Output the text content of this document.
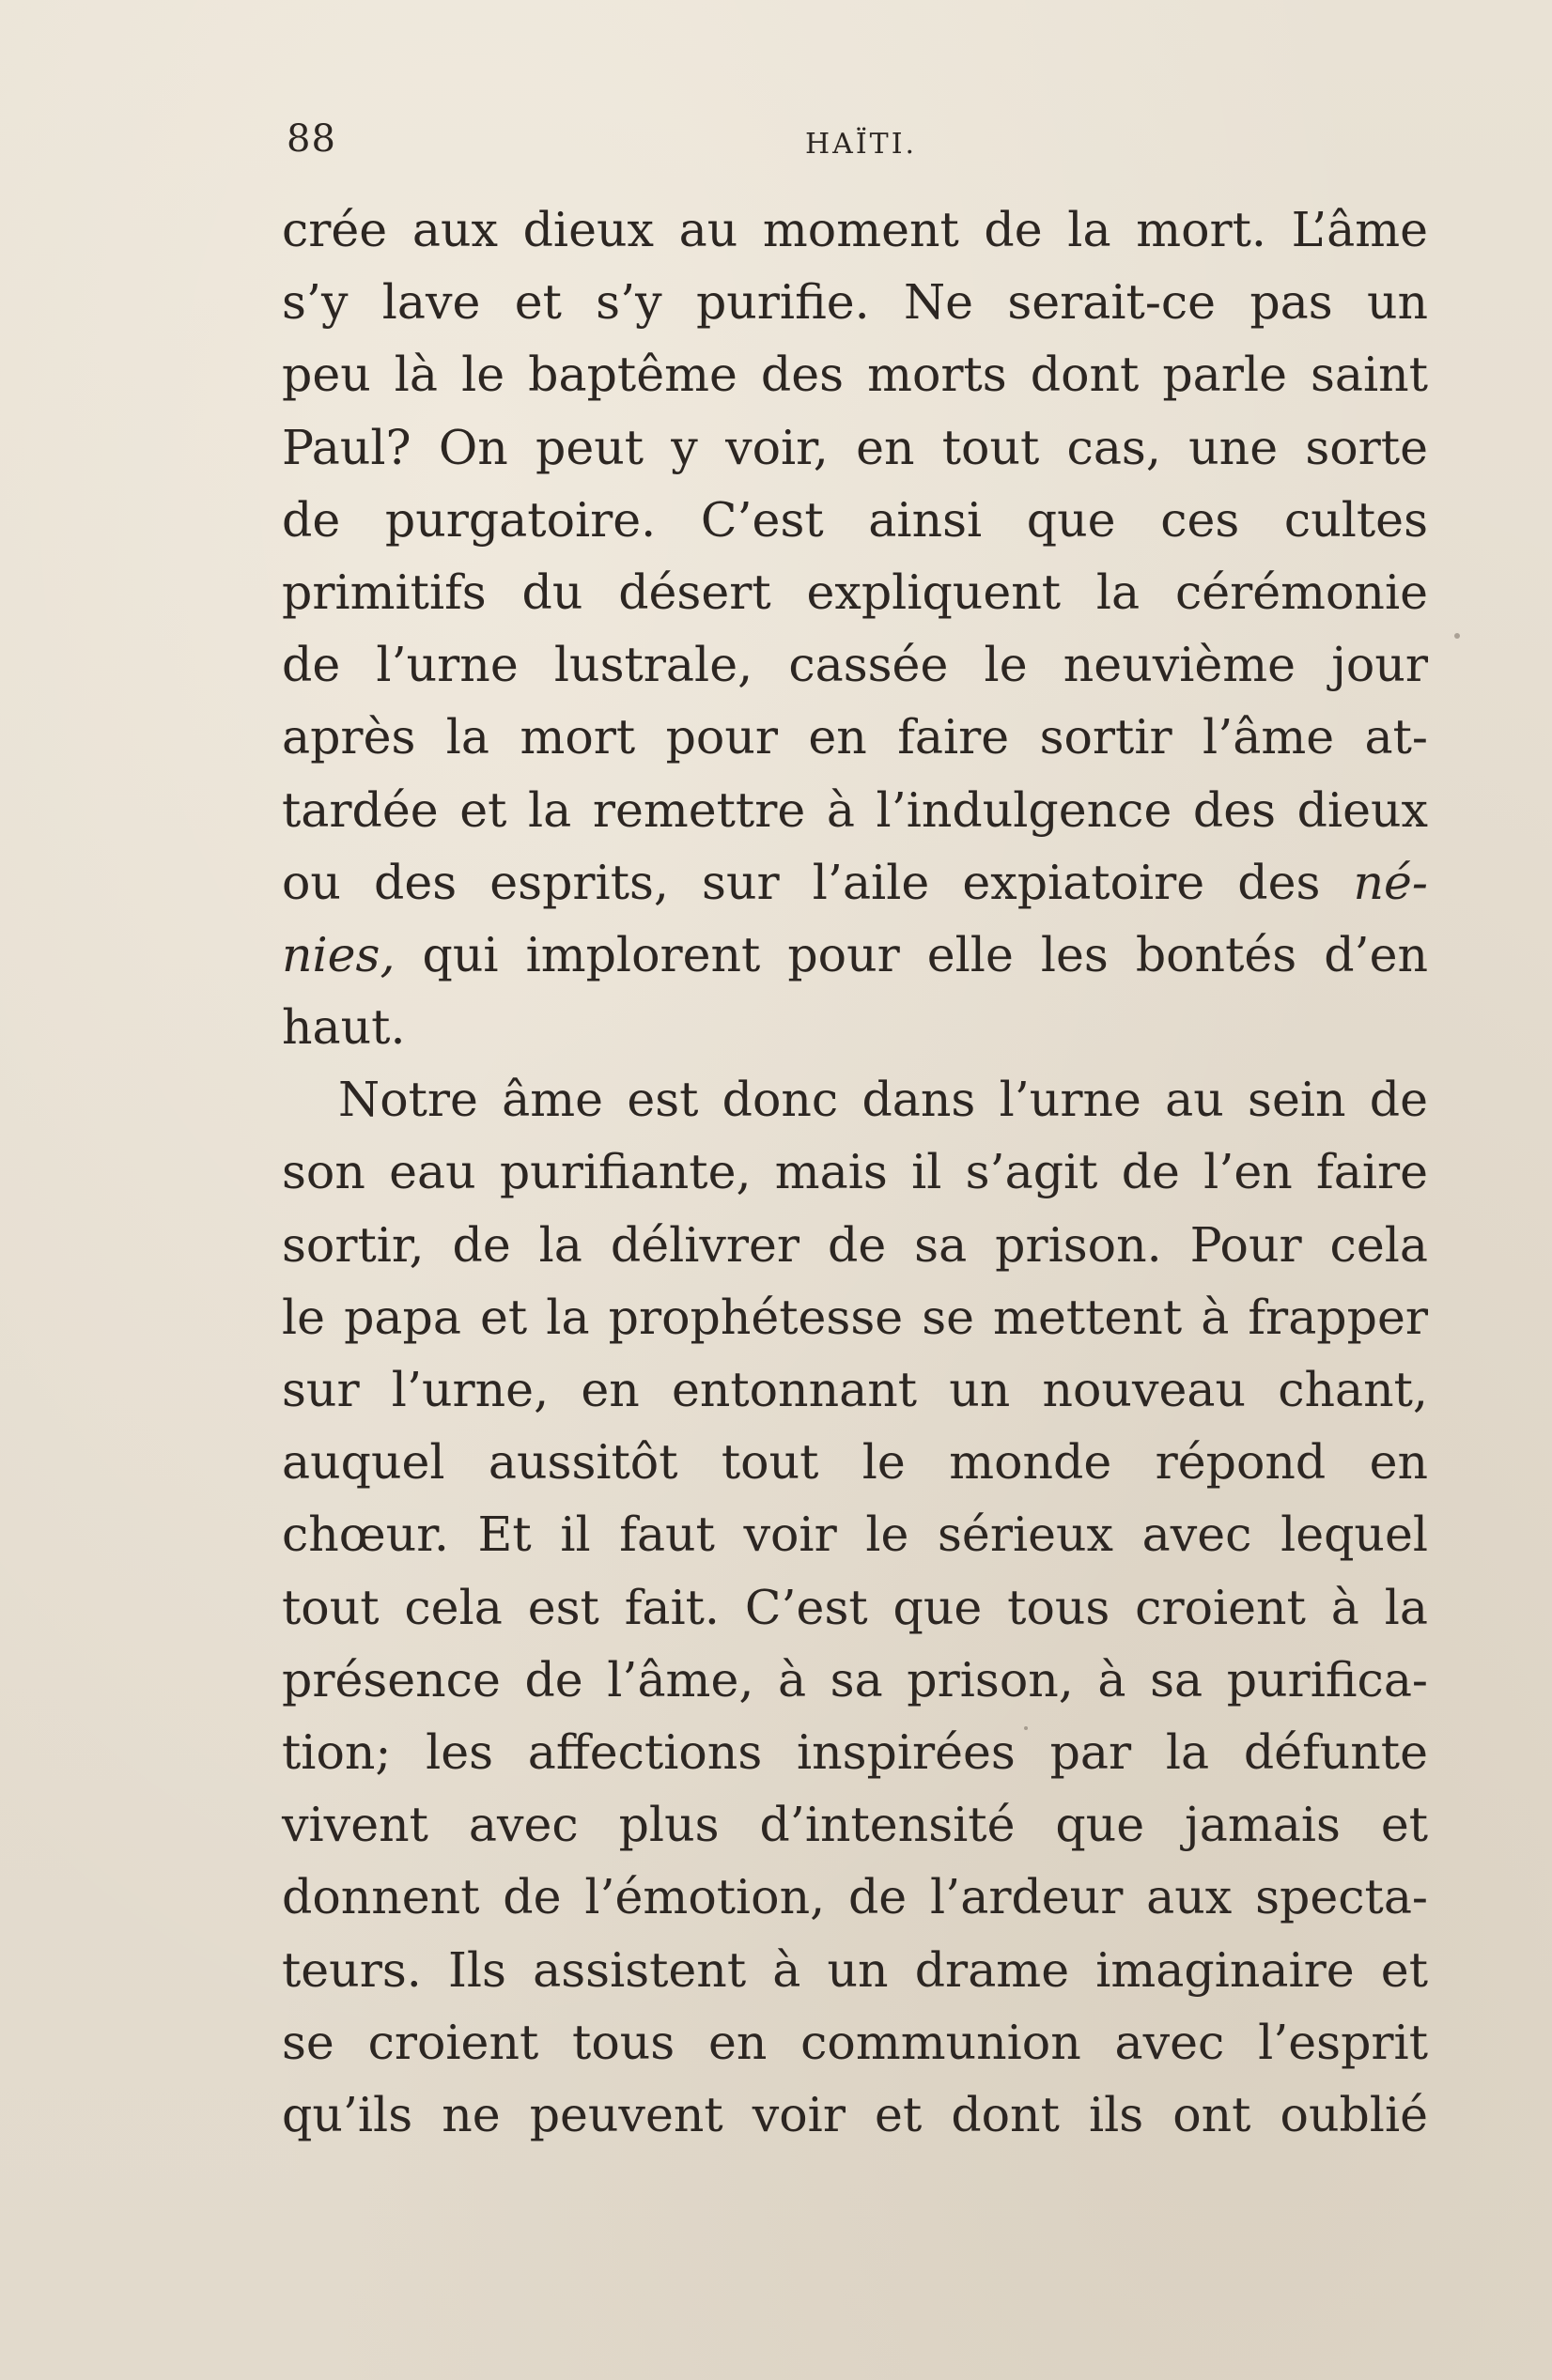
88	HAÏTI.
crée aux dieux au moment de la mort. L’âme
s’y lave et s’y purifie. Ne serait-ce pas un
peu là le baptême des morts dont parle saint
Paul? On peut y voir, en tout cas, une sorte
de purgatoire. C’est ainsi que ces cultes
primitifs du désert expliquent la cérémonie
de l’urne lustrale, cassée le neuvième jour
après la mort pour en faire sortir l’âme at-
tardée et la remettre à l’indulgence des dieux
ou des esprits, sur l’aile expiatoire des né-
nies, qui implorent pour elle les bontés d’en
haut.
Notre âme est donc dans l’urne au sein de
son eau purifiante, mais il s’agit de l’en faire
sortir, de la délivrer de sa prison. Pour cela
le papa et la prophétesse se mettent à frapper
sur l’urne, en entonnant un nouveau chant,
auquel aussitôt tout le monde répond en
chœur. Et il faut voir le sérieux avec lequel
tout cela est fait. C’est que tous croient à la
présence de l’âme, à sa prison, à sa purifica-
tion; les affections inspirées par la défunte
vivent avec plus d’intensité que jamais et
donnent de l’émotion, de l’ardeur aux specta-
teurs. Ils assistent à un drame imaginaire et
se croient tous en communion avec l’esprit
qu’ils ne peuvent voir et dont ils ont oublié
